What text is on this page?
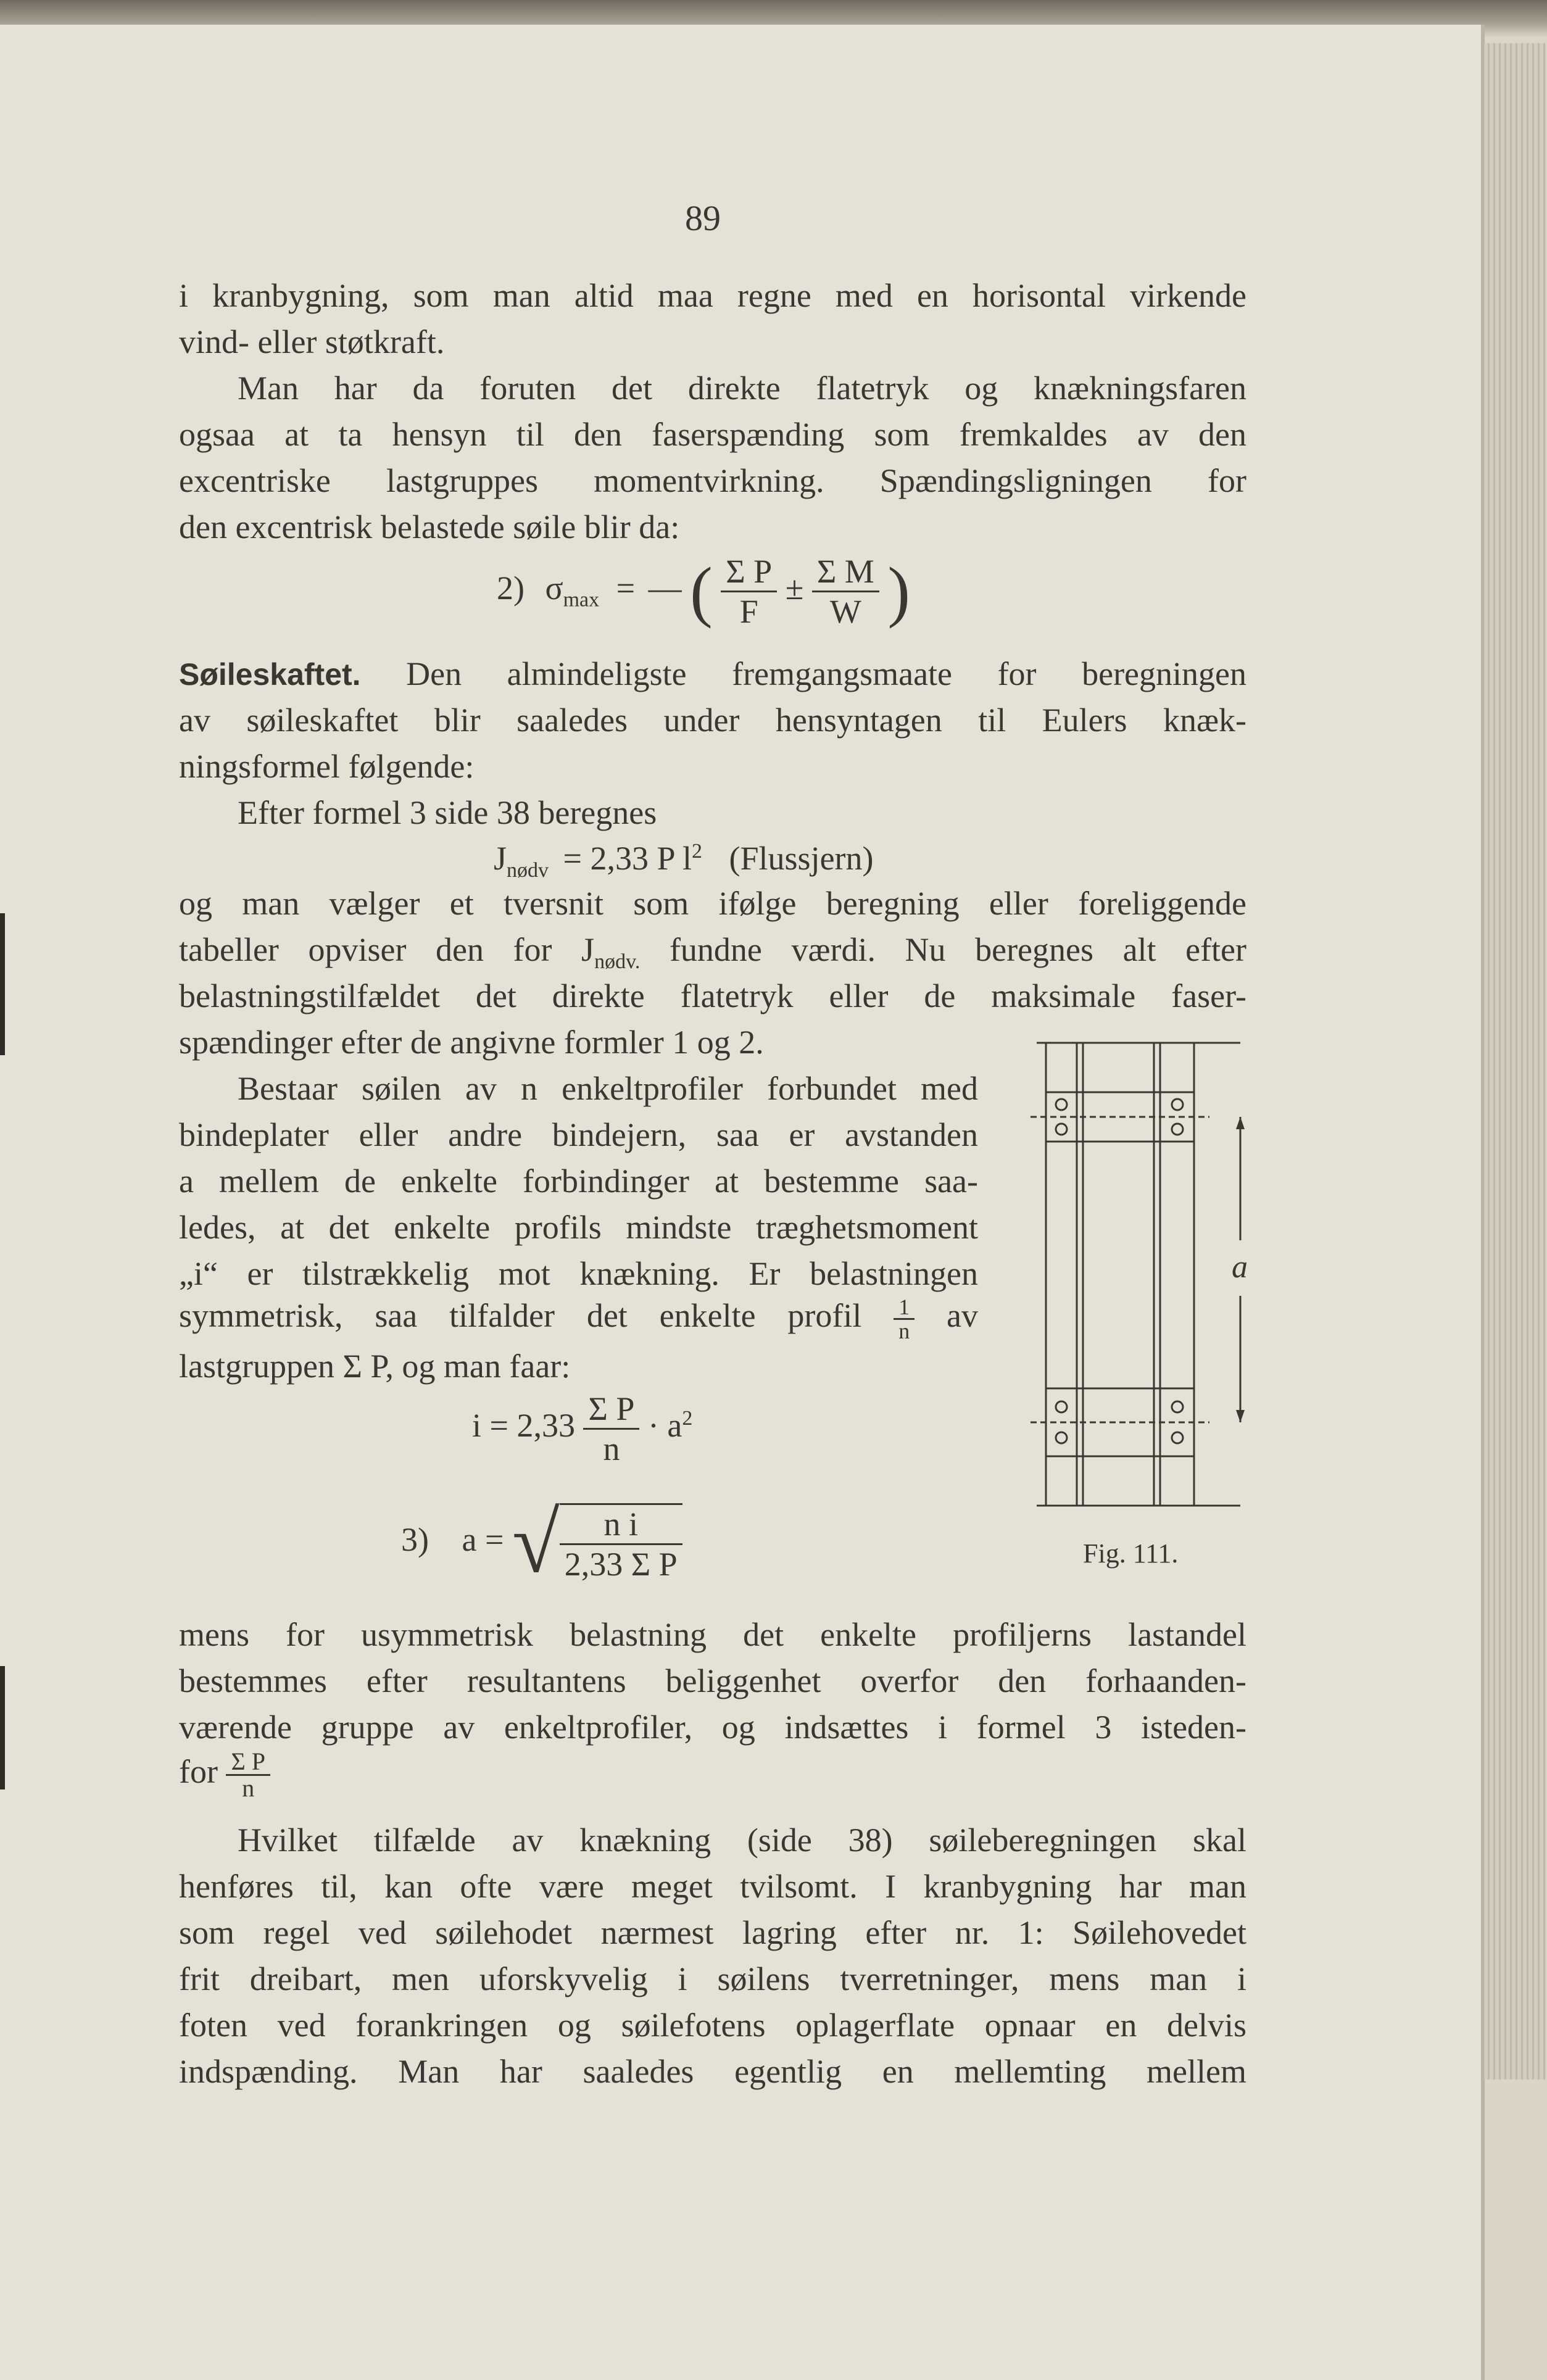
89
i kranbygning, som man altid maa regne med en horisontal virkende
vind- eller støtkraft.
Man har da foruten det direkte flatetryk og knækningsfaren
ogsaa at ta hensyn til den faserspænding som fremkaldes av den
excentriske lastgruppes momentvirkning. Spændingsligningen for
den excentrisk belastede søile blir da:
2) $\sigma_{max}$ = — ( $\frac{\text{Σ P}}{F} \pm \frac{\text{Σ M}}{W}$ )
Søileskaftet. Den almindeligste fremgangsmaate for beregningen
av søileskaftet blir saaledes under hensyntagen til Eulers knæk-
ningsformel følgende:
Efter formel 3 side 38 beregnes
$J_{nødv} = 2,33$ P $l^2$ (Flussjern)
og man vælger et tversnit som ifølge beregning eller foreliggende
tabeller opviser den for $J_{nødv.}$ fundne værdi. Nu beregnes alt efter
belastningstilfældet det direkte flatetryk eller de maksimale faser-
spændinger efter de angivne formler 1 og 2.
Bestaar søilen av n enkeltprofiler forbundet med
bindeplater eller andre bindejern, saa er avstanden
a mellem de enkelte forbindinger at bestemme saa-
ledes, at det enkelte profils mindste træghetsmoment
„i“ er tilstrækkelig mot knækning. Er belastningen
symmetrisk, saa tilfalder det enkelte profil $\frac{1}{n}$ av
lastgruppen Σ P, og man faar:
$i = 2,33 \frac{\text{Σ P}}{n} \cdot a^2$
3) a = √ $\frac{\text{n i}}{\text{2,33 Σ P}}$
mens for usymmetrisk belastning det enkelte profiljerns lastandel
bestemmes efter resultantens beliggenhet overfor den forhaanden-
værende gruppe av enkeltprofiler, og indsættes i formel 3 isteden-
for $\frac{\text{Σ P}}{n}$
Hvilket tilfælde av knækning (side 38) søileberegningen skal
henføres til, kan ofte være meget tvilsomt. I kranbygning har man
som regel ved søilehodet nærmest lagring efter nr. 1: Søilehovedet
frit dreibart, men uforskyvelig i søilens tverretninger, mens man i
foten ved forankringen og søilefotens oplagerflate opnaar en delvis
indspænding. Man har saaledes egentlig en mellemting mellem
a
Fig. 111.
